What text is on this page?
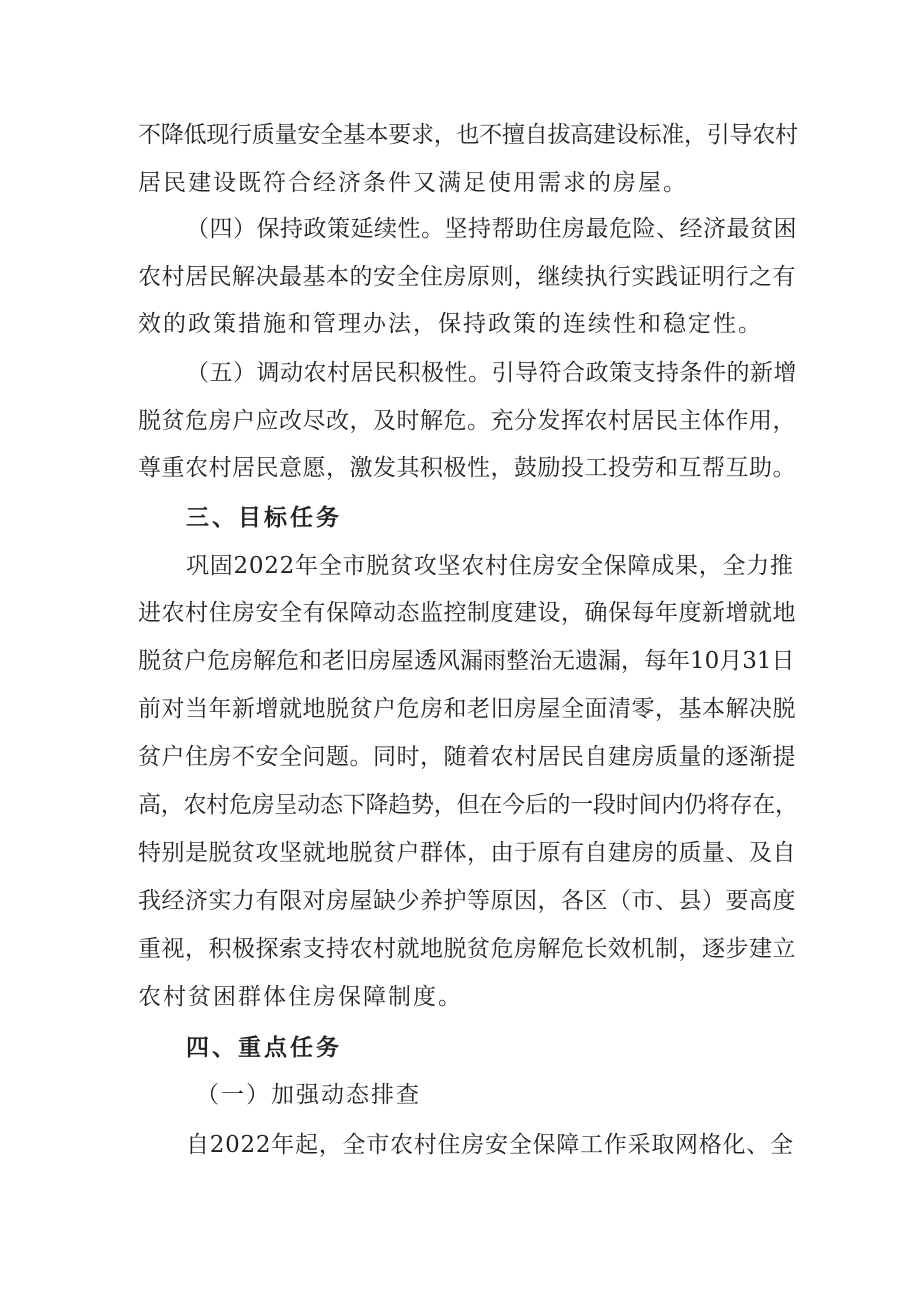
不降低现行质量安全基本要求，也不擅自拔高建设标准，引导农村
居民建设既符合经济条件又满足使用需求的房屋。
（四）保持政策延续性。坚持帮助住房最危险、经济最贫困
农村居民解决最基本的安全住房原则，继续执行实践证明行之有
效的政策措施和管理办法，保持政策的连续性和稳定性。
（五）调动农村居民积极性。引导符合政策支持条件的新增
脱贫危房户应改尽改，及时解危。充分发挥农村居民主体作用，
尊重农村居民意愿，激发其积极性，鼓励投工投劳和互帮互助。
三、目标任务
巩固2022年全市脱贫攻坚农村住房安全保障成果，全力推
进农村住房安全有保障动态监控制度建设，确保每年度新增就地
脱贫户危房解危和老旧房屋透风漏雨整治无遗漏，每年10月31日
前对当年新增就地脱贫户危房和老旧房屋全面清零，基本解决脱
贫户住房不安全问题。同时，随着农村居民自建房质量的逐渐提
高，农村危房呈动态下降趋势，但在今后的一段时间内仍将存在，
特别是脱贫攻坚就地脱贫户群体，由于原有自建房的质量、及自
我经济实力有限对房屋缺少养护等原因，各区（市、县）要高度
重视，积极探索支持农村就地脱贫危房解危长效机制，逐步建立
农村贫困群体住房保障制度。
四、重点任务
（一）加强动态排查
自2022年起，全市农村住房安全保障工作采取网格化、全
